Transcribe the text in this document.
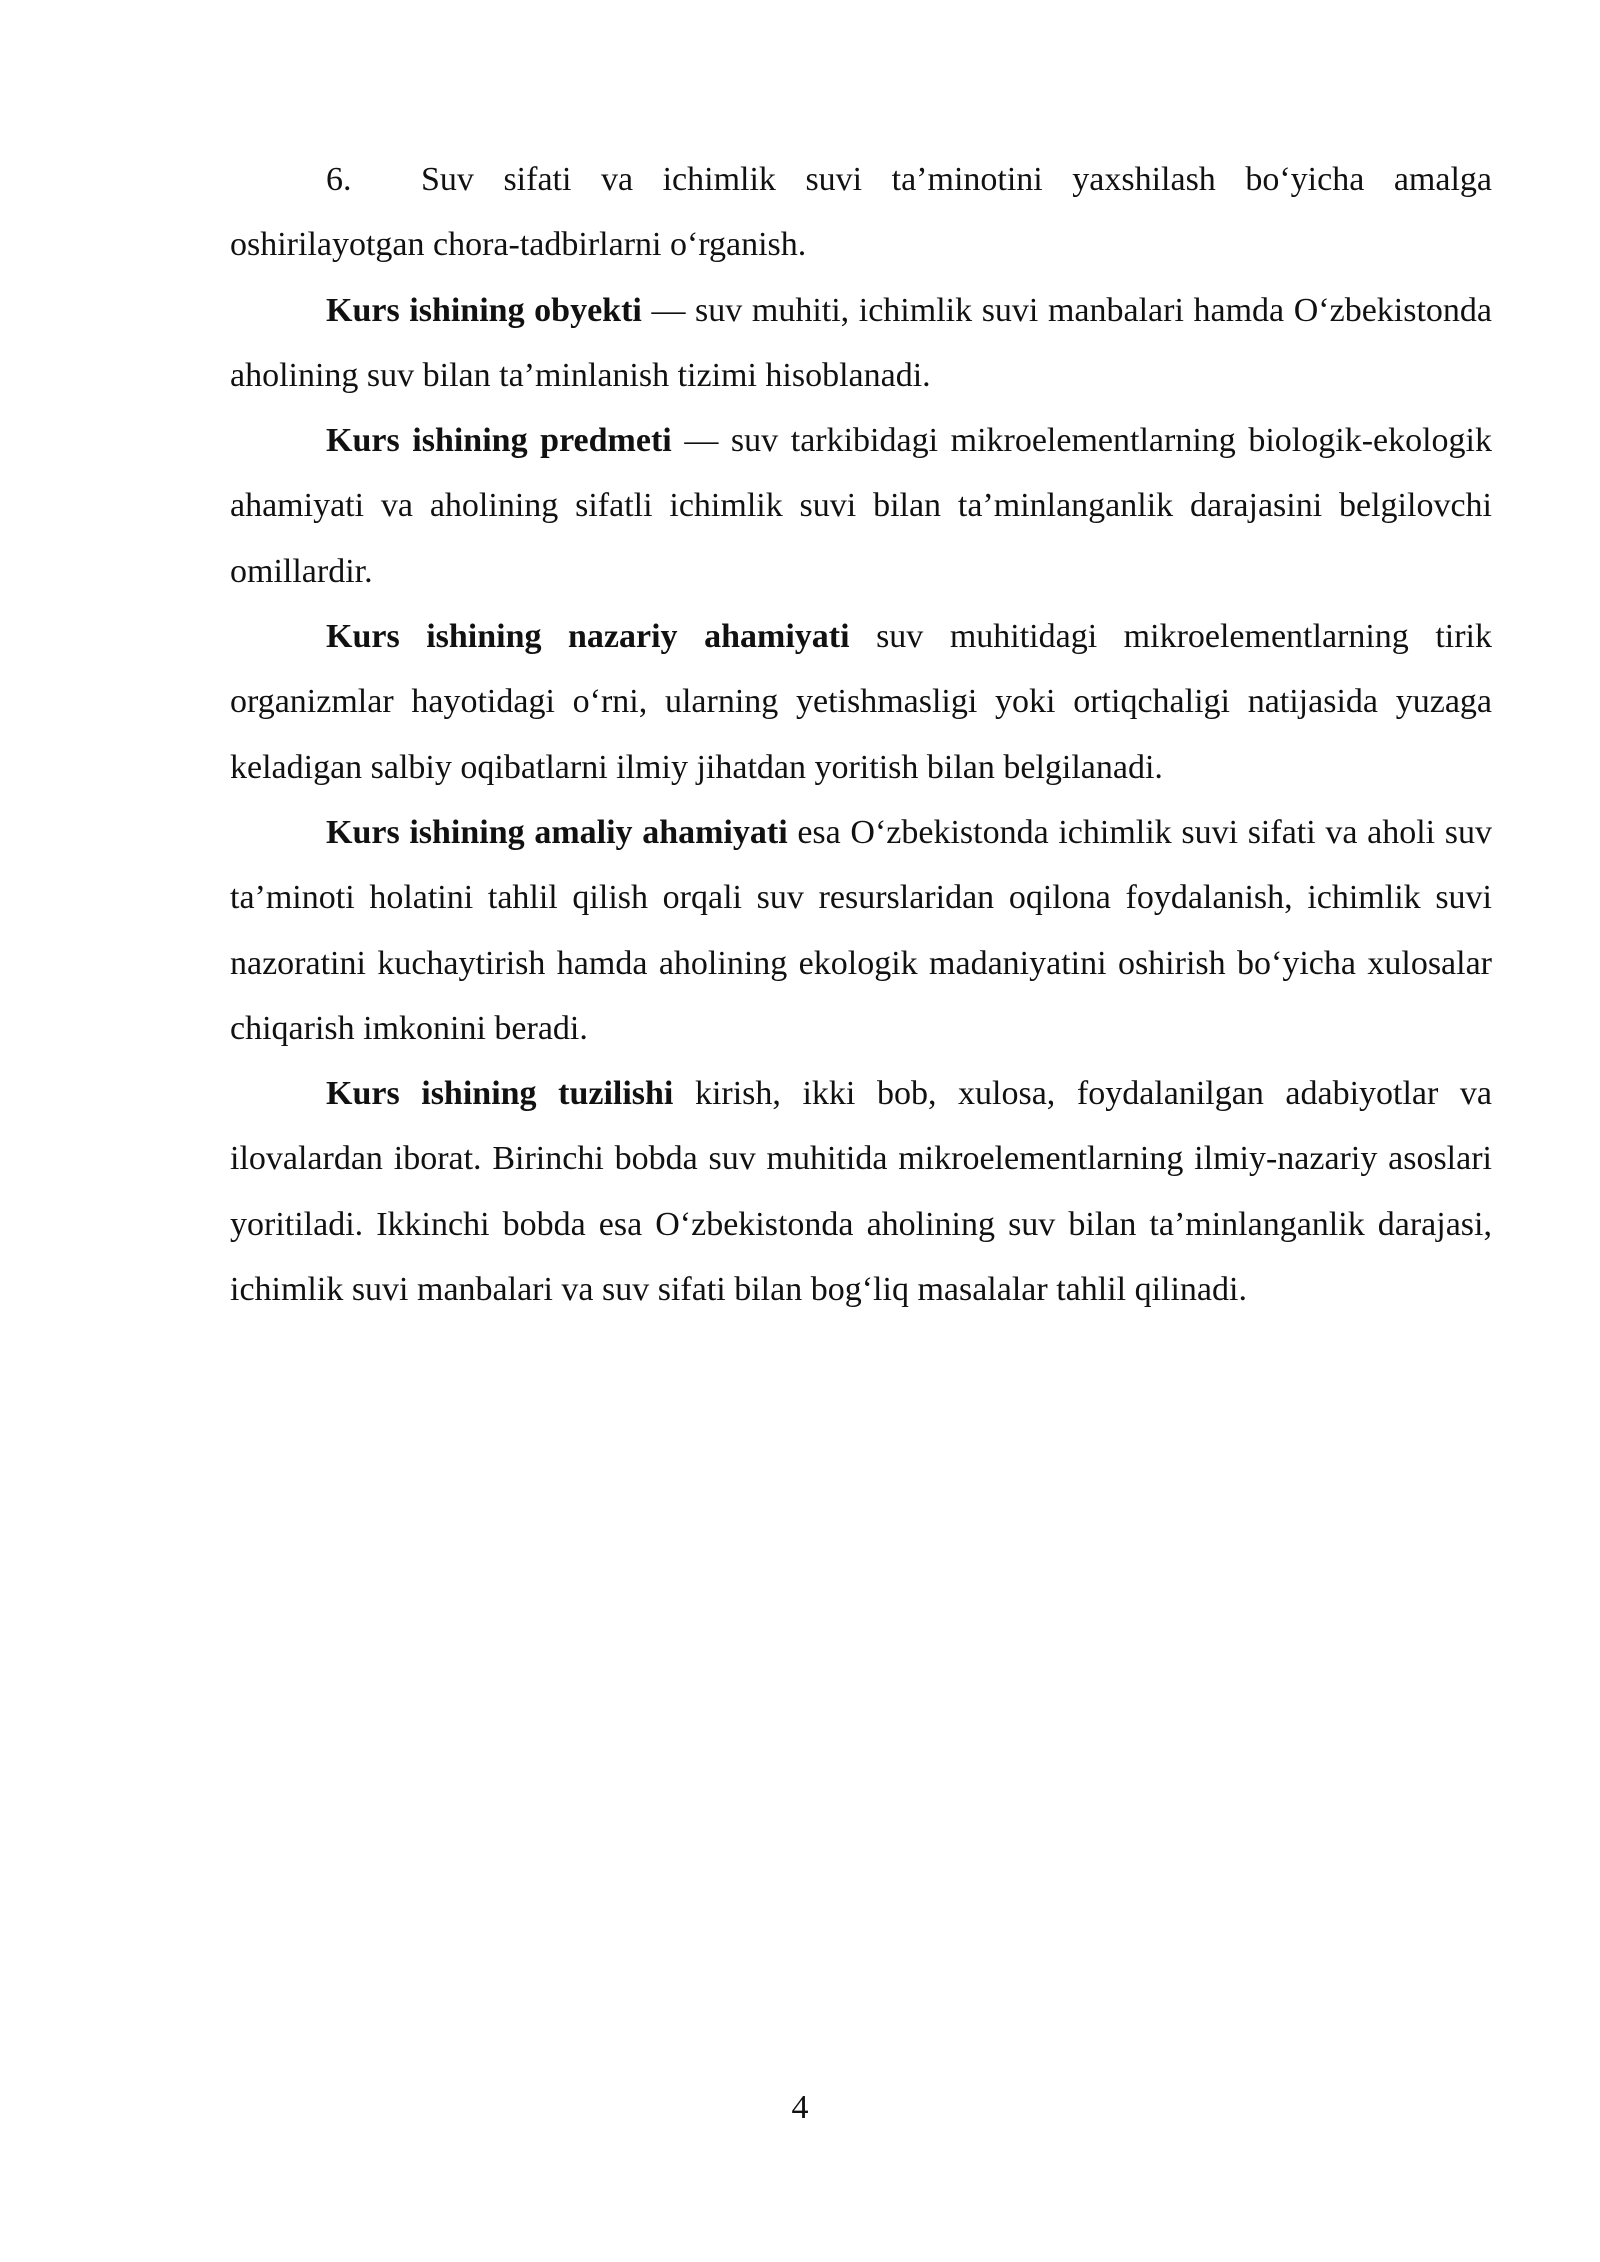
6. Suv sifati va ichimlik suvi ta’minotini yaxshilash bo‘yicha amalga oshirilayotgan chora-tadbirlarni o‘rganish.

Kurs ishining obyekti — suv muhiti, ichimlik suvi manbalari hamda O‘zbekistonda aholining suv bilan ta’minlanish tizimi hisoblanadi.

Kurs ishining predmeti — suv tarkibidagi mikroelementlarning biologik-ekologik ahamiyati va aholining sifatli ichimlik suvi bilan ta’minlanganlik darajasini belgilovchi omillardir.

Kurs ishining nazariy ahamiyati suv muhitidagi mikroelementlarning tirik organizmlar hayotidagi o‘rni, ularning yetishmasligi yoki ortiqchaligi natijasida yuzaga keladigan salbiy oqibatlarni ilmiy jihatdan yoritish bilan belgilanadi.

Kurs ishining amaliy ahamiyati esa O‘zbekistonda ichimlik suvi sifati va aholi suv ta’minoti holatini tahlil qilish orqali suv resurslaridan oqilona foydalanish, ichimlik suvi nazoratini kuchaytirish hamda aholining ekologik madaniyatini oshirish bo‘yicha xulosalar chiqarish imkonini beradi.

Kurs ishining tuzilishi kirish, ikki bob, xulosa, foydalanilgan adabiyotlar va ilovalardan iborat. Birinchi bobda suv muhitida mikroelementlarning ilmiy-nazariy asoslari yoritiladi. Ikkinchi bobda esa O‘zbekistonda aholining suv bilan ta’minlanganlik darajasi, ichimlik suvi manbalari va suv sifati bilan bog‘liq masalalar tahlil qilinadi.

4
